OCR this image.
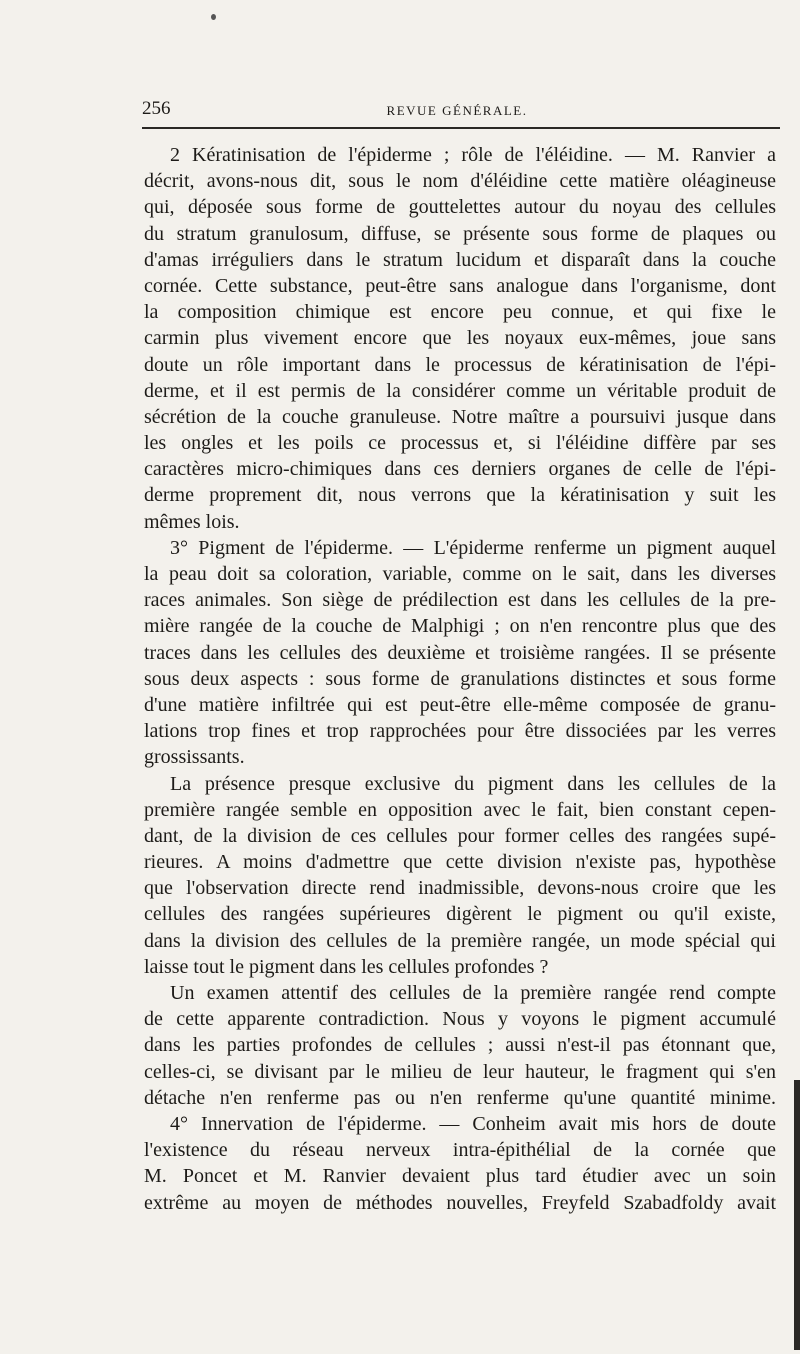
256	REVUE GÉNÉRALE.
2 Kératinisation de l'épiderme ; rôle de l'éléidine. — M. Ranvier a
décrit, avons-nous dit, sous le nom d'éléidine cette matière oléagineuse
qui, déposée sous forme de gouttelettes autour du noyau des cellules
du stratum granulosum, diffuse, se présente sous forme de plaques ou
d'amas irréguliers dans le stratum lucidum et disparaît dans la couche
cornée. Cette substance, peut-être sans analogue dans l'organisme, dont
la composition chimique est encore peu connue, et qui fixe le
carmin plus vivement encore que les noyaux eux-mêmes, joue sans
doute un rôle important dans le processus de kératinisation de l'épi-
derme, et il est permis de la considérer comme un véritable produit de
sécrétion de la couche granuleuse. Notre maître a poursuivi jusque dans
les ongles et les poils ce processus et, si l'éléidine diffère par ses
caractères micro-chimiques dans ces derniers organes de celle de l'épi-
derme proprement dit, nous verrons que la kératinisation y suit les
mêmes lois.
3° Pigment de l'épiderme. — L'épiderme renferme un pigment auquel
la peau doit sa coloration, variable, comme on le sait, dans les diverses
races animales. Son siège de prédilection est dans les cellules de la pre-
mière rangée de la couche de Malphigi ; on n'en rencontre plus que des
traces dans les cellules des deuxième et troisième rangées. Il se présente
sous deux aspects : sous forme de granulations distinctes et sous forme
d'une matière infiltrée qui est peut-être elle-même composée de granu-
lations trop fines et trop rapprochées pour être dissociées par les verres
grossissants.
La présence presque exclusive du pigment dans les cellules de la
première rangée semble en opposition avec le fait, bien constant cepen-
dant, de la division de ces cellules pour former celles des rangées supé-
rieures. A moins d'admettre que cette division n'existe pas, hypothèse
que l'observation directe rend inadmissible, devons-nous croire que les
cellules des rangées supérieures digèrent le pigment ou qu'il existe,
dans la division des cellules de la première rangée, un mode spécial qui
laisse tout le pigment dans les cellules profondes ?
Un examen attentif des cellules de la première rangée rend compte
de cette apparente contradiction. Nous y voyons le pigment accumulé
dans les parties profondes de cellules ; aussi n'est-il pas étonnant que,
celles-ci, se divisant par le milieu de leur hauteur, le fragment qui s'en
détache n'en renferme pas ou n'en renferme qu'une quantité minime.
4° Innervation de l'épiderme. — Conheim avait mis hors de doute
l'existence du réseau nerveux intra-épithélial de la cornée que
M. Poncet et M. Ranvier devaient plus tard étudier avec un soin
extrême au moyen de méthodes nouvelles, Freyfeld Szabadfoldy avait
